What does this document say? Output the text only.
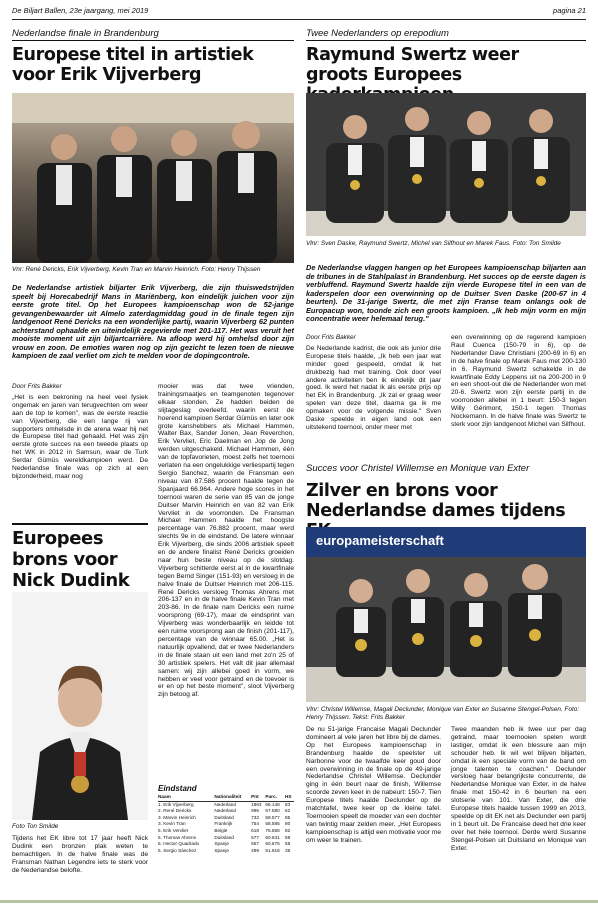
De Biljart Ballen, 23e jaargang, mei 2019	pagina 21
Nederlandse finale in Brandenburg
Europese titel in artistiek voor Erik Vijverberg
Vnr: René Dericks, Erik Vijverberg, Kevin Tran en Marvin Heinrich. Foto: Henry Thijssen
De Nederlandse artistiek biljarter Erik Vijverberg, die zijn thuiswedstrijden speelt bij Horecabedrijf Mans in Mariënberg, kon eindelijk juichen voor zijn eerste grote titel. Op het Europees kampioenschap won de 52-jarige gevangenbewaarder uit Almelo zaterdagmiddag goud in de finale tegen zijn landgenoot René Dericks na een wonderlijke partij, waarin Vijverberg 62 punten achterstand ophaalde en uiteindelijk zegevierde met 201-117. Het was veruit het mooiste moment uit zijn biljartcarrière. Na afloop werd hij omhelsd door zijn vrouw en zoon. De emoties waren nog op zijn gezicht te lezen toen de nieuwe kampioen de zaal verliet om zich te melden voor de dopingcontrole.
Door Frits Bakker

„Het is een bekroning na heel veel fysiek ongemak en jaren van terugvechten om weer aan de top te komen", was de eerste reactie van Vijverberg, die een lange rij van supporters omhelsde in de arena waar hij net de Europese titel had gehaald. Het was zijn eerste grote succes na een tweede plaats op het WK in 2012 in Samsun, waar de Turk Serdar Gümüs wereldkampioen werd. De Nederlandse finale was op zich al een bijzonderheid, maar nog

mooier was dat twee vrienden, trainingsmaatjes en teamgenoten tegenover elkaar stonden. Ze hadden beiden de slijtageslag overleefd, waarin eerst de hoerend kampioen Serdar Gümüs en later ook grote kanshebbers als Michael Hammen, Walter Bax, Sander Jonen, Jean Reverchon, Erik Vervliet, Eric Daelman en Jop de Jong werden uitgeschakeld. Michael Hammen, één van de topfavorieten, moest zelfs het toernooi verlaten na een ongelukkige verliespartij tegen Sergio Sanchez, waarin de Fransman een niveau van 87.586 procent haalde tegen de Spanjaard 66.964. Andere hoge scores in het toernooi waren de serie van 85 van de jonge Duitser Marvin Heinrich en van 82 van Erik Vervliet in de voorronden. De Fransman Michael Hammen haalde het hoogste percentage van 76.882 procent, maar werd slechts 9e in de eindstand. De latere winnaar Erik Vijverberg, die sinds 2006 artistiek speelt en de andere finalist René Dericks groeiden naar hun beste niveau op de slotdag. Vijverberg schitterde eerst al in de kwartfinale tegen Bernd Singer (151-93) en versloeg in de halve finale de Duitser Heinrich met 206-115. René Dericks versloeg Thomas Ahrens met 206-137 en in de halve finale Kevin Tran met 203-86. In de finale nam Dericks een ruime voorsprong (69-17), maar de eindsprint van Vijverberg was wonderbaarlijk en leidde tot een ruime voorsprong aan de finish (201-117), percentage van de winnaar 65.00. „Het is natuurlijk opvallend, dat er twee Nederlanders in de finale staan uit een land met zo'n 25 of 30 artistiek spelers. Het valt dit jaar allemaal samen: wij zijn allebei goed in vorm, we hebben er veel voor getraind en de toevoer is er en op het beste moment", sloot Vijverberg zijn betoog af.

Eindstand
Naam	Nationaliteit	Pnt	Parc.	HS
1. Erik Vijverberg	Nederland	1863	66.148	83
2. René Dericks	Nederland	996	67.580	62
3. Marvin Heinrich	Duitsland	732	59.577	85
3. Kevin Tran	Frankrijk	754	58.585	80
5. Erik Vervliet	België	618	75.555	82
5. Thomas Ahrens	Duitsland	577	60.631	58
5. Hector Quadrado	Spanje	557	60.675	58
5. Sergio Sánchez	Spanje	499	51.915	35
Europees brons voor Nick Dudink
Foto Ton Smilde
Tijdens het EK libre tot 17 jaar heeft Nick Dudink een bronzen plak weten te bemachtigen. In de halve finale was de Fransman Nathan Legendre iets te sterk voor de Nederlandse belofte.
Twee Nederlanders op erepodium
Raymund Swertz weer groots Europees
Vlnr: Sven Daske, Raymund Swertz, Michel van Silfhout en Marek Faus. Foto: Ton Smilde
De Nederlandse vlaggen hangen op het Europees kampioenschap biljarten aan de tribunes in de Stahlpalast in Brandenburg. Het succes op de eerste dagen is verbluffend. Raymund Swertz haalde zijn vierde Europese titel in een van de kaderspelen door een overwinning op de Duitser Sven Daske (200-67 in 4 beurten). De 31-jarige Swertz, die met zijn Franse team onlangs ook de Europacup won, toonde zich een groots kampioen. „Ik heb mijn vorm en mijn concentratie weer helemaal terug."
Door Frits Bakker

De Nederlande kadrist, die ook als junior drie Europese titels haalde, „Ik heb een jaar wat minder goed gespeeld, omdat ik het drukbezig had met training. Ook door veel andere activiteiten ben ik eindelijk dit jaar goed. Ik werd het nadat ik als eerste prijs op het EK in Brandenburg. „Ik zal er graag weer spelen van deze titel, daarna ga ik me opmaken voor de volgende missie." Sven Daske speelde in eigen land ook een uitstekend toernooi, onder meer met

een overwinning op de regerend kampioen Raul Cuenca (150-79 in 6), op de Nederlander Dave Christiani (200-69 in 6) en in de halve finale op Marek Faus met 200-130 in 6. Raymund Swertz schakelde in de kwartfinale Eddy Leppens uit na 200-200 in 9 en een shoot-out die de Nederlander won met 20-6. Swertz won zijn eerste partij in de voorronden allebei in 1 beurt: 150-3 tegen Willy Gérimont, 150-1 tegen Thomas Nockemann. In de halve finale was Swertz te sterk voor zijn landgenoot Michel van Silfhout.

Succes voor Christel Willemse en Monique van Exter
Zilver en brons voor Nederlandse dames tijdens
europameisterschaft
Vlnr: Christel Willemse, Magali Declunder, Monique van Exter en Susanne Stengel-Polsen. Foto: Henry Thijssen. Tekst: Frits Bakker

De nu 51-jarige Francaise Magali Declunder domineert al vele jaren het libre bij de dames. Op het Europees kampioenschap in Brandenburg haalde de speelster uit Narbonne voor de twaalfde keer goud door een overwinning in de finale op de 49-jarige Nederlandse Christel Willemse. Declunder ging in één beurt naar de finish, Willemse scoorde zeven keer in de nabeurt: 150-7. Tien Europese titels haalde Declunder op de matchtafel, twee keer op de kleine tafel. Toernooien speelt de moeder van een dochter van twintig maar zelden meer. „Het Europees kampioenschap is altijd een motivatie voor me om weer te trainen.

Twee maanden heb ik twee uur per dag getraind, maar toernooien spelen wordt lastiger, omdat ik een blessure aan mijn schouder heb. Ik wil wel blijven biljarten, omdat ik een speciale vorm van de band om jonge talenten te coachen." Declunder versloeg haar belangrijkste concurrente, de Nederlandse Monique van Exter, in de halve finale met 150-42 in 6 beurten na een slotserie van 101. Van Exter, die drie Europese titels haalde tussen 1999 en 2013, speelde op dit EK net als Declunder een partij in 1 beurt uit. De Francaise deed het drie keer over het hele toernooi. Derde werd Susanne Stengel-Polsen uit Duitsland en Monique van Exter.
